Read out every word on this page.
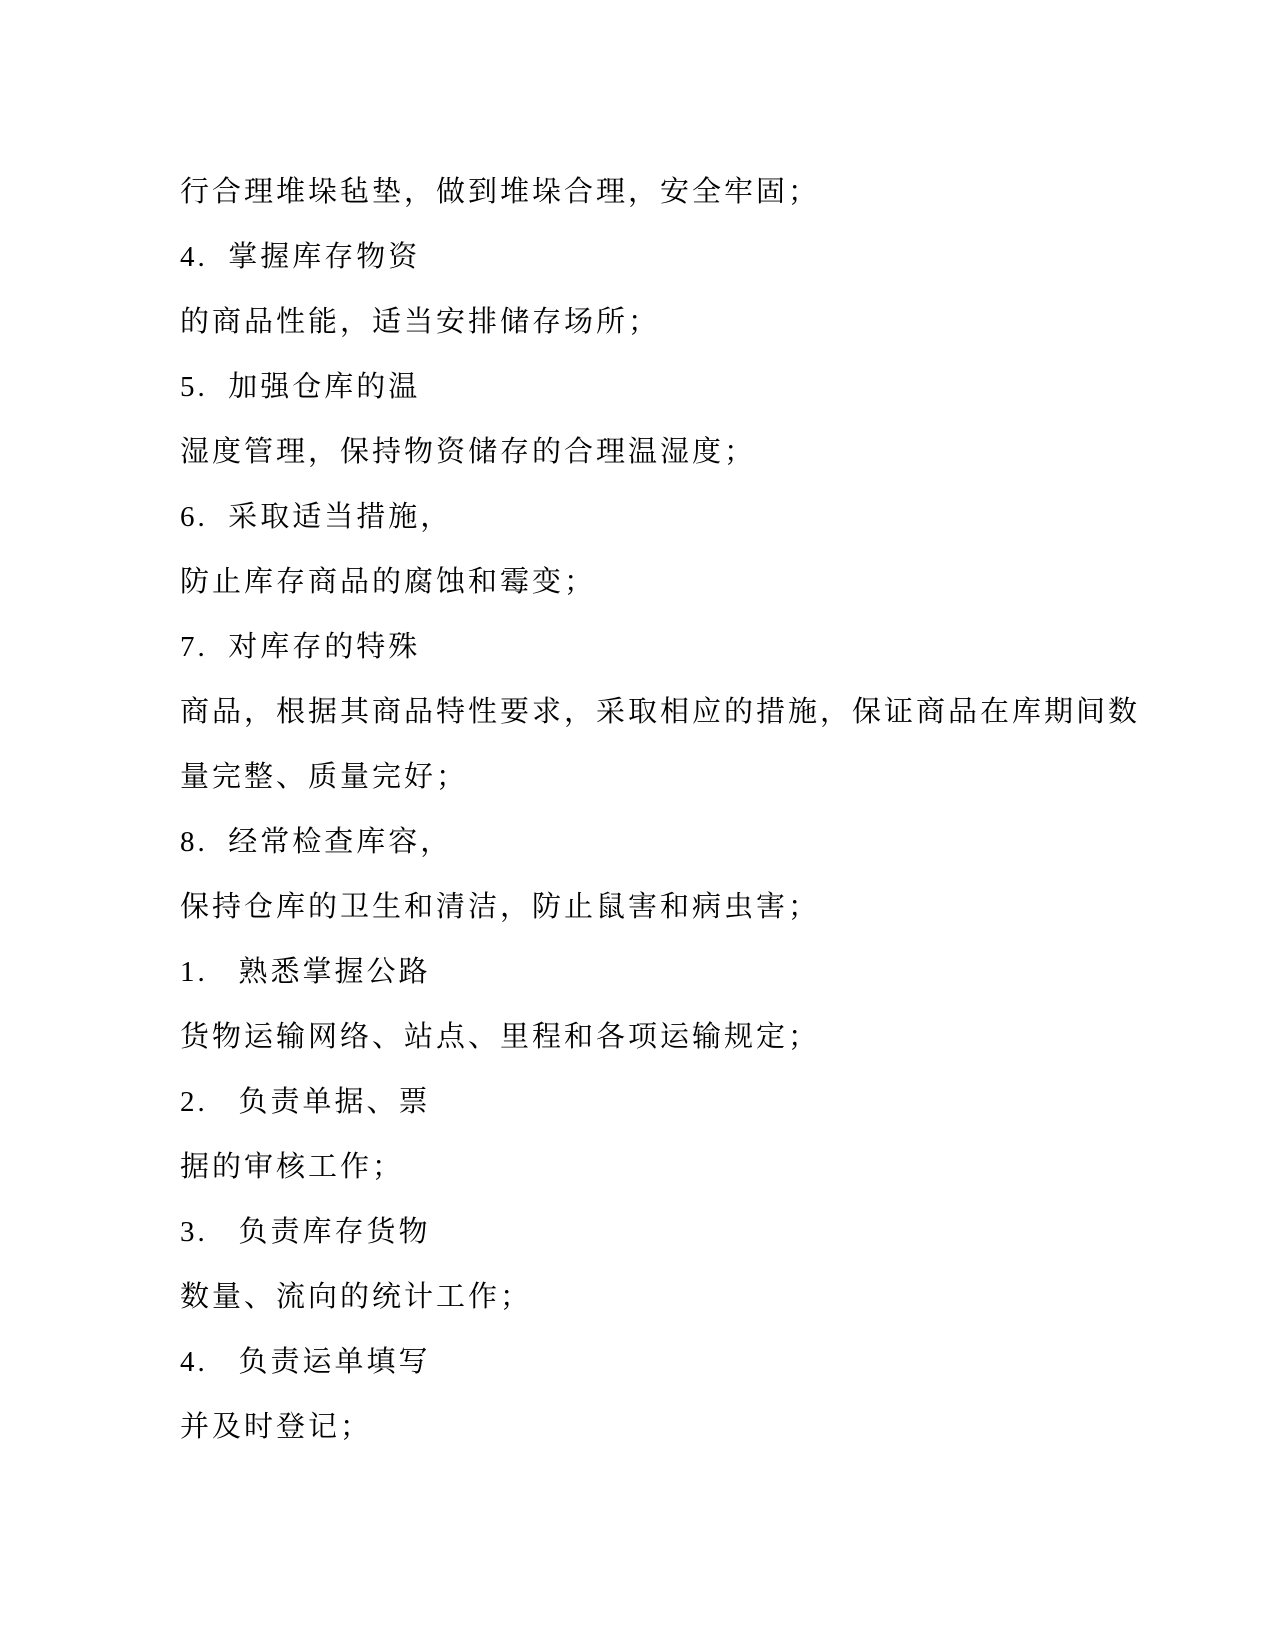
行合理堆垛毡垫，做到堆垛合理，安全牢固；
4.  掌握库存物资
的商品性能，适当安排储存场所；
5.  加强仓库的温
湿度管理，保持物资储存的合理温湿度；
6.  采取适当措施，
防止库存商品的腐蚀和霉变；
7.  对库存的特殊
商品，根据其商品特性要求，采取相应的措施，保证商品在库期间数
量完整、质量完好；
8.  经常检查库容，
保持仓库的卫生和清洁，防止鼠害和病虫害；
1.   熟悉掌握公路
货物运输网络、站点、里程和各项运输规定；
2.   负责单据、票
据的审核工作；
3.   负责库存货物
数量、流向的统计工作；
4.   负责运单填写
并及时登记；
